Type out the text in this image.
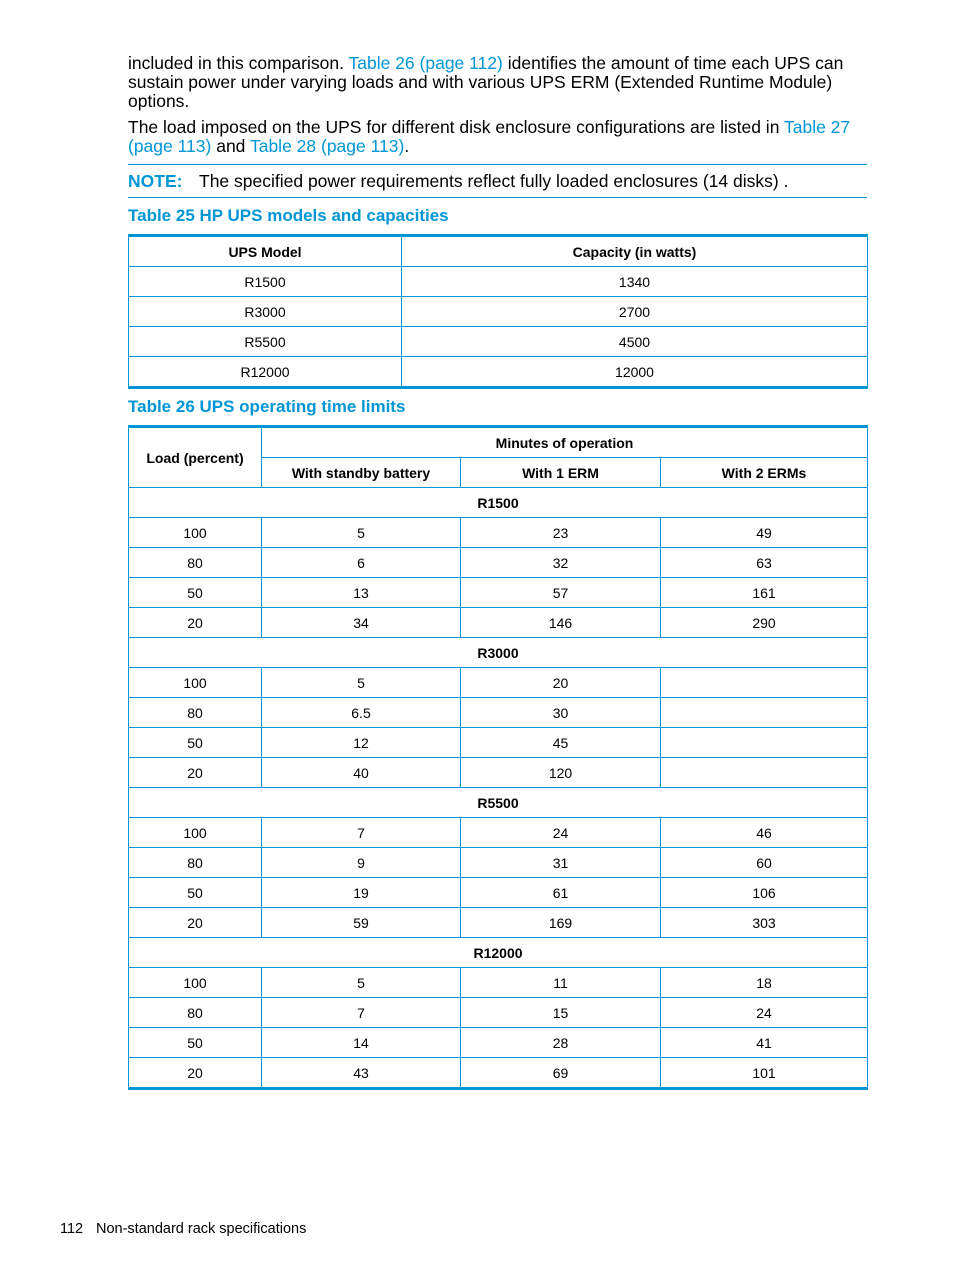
included in this comparison. Table 26 (page 112) identifies the amount of time each UPS can sustain power under varying loads and with various UPS ERM (Extended Runtime Module) options.

The load imposed on the UPS for different disk enclosure configurations are listed in Table 27 (page 113) and Table 28 (page 113).

NOTE: The specified power requirements reflect fully loaded enclosures (14 disks) .
Table 25 HP UPS models and capacities
UPS Model	Capacity (in watts)
R1500	1340
R3000	2700
R5500	4500
R12000	12000
Table 26 UPS operating time limits
Load (percent)	Minutes of operation		
	With standby battery	With 1 ERM	With 2 ERMs
R1500			
100	5	23	49
80	6	32	63
50	13	57	161
20	34	146	290
R3000			
100	5	20	
80	6.5	30	
50	12	45	
20	40	120	
R5500			
100	7	24	46
80	9	31	60
50	19	61	106
20	59	169	303
R12000			
100	5	11	18
80	7	15	24
50	14	28	41
20	43	69	101
112 Non-standard rack specifications
